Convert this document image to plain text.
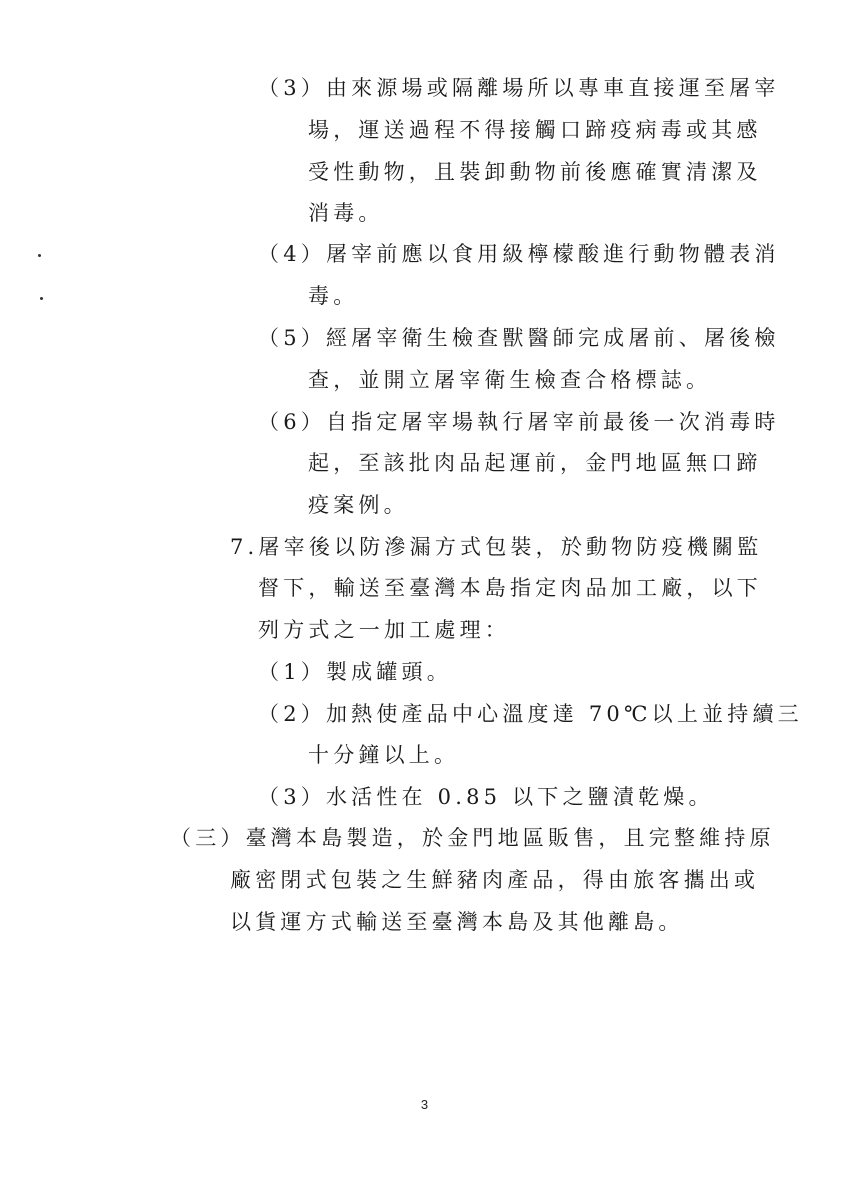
（3）由來源場或隔離場所以專車直接運至屠宰
場，運送過程不得接觸口蹄疫病毒或其感
受性動物，且裝卸動物前後應確實清潔及
消毒。
（4）屠宰前應以食用級檸檬酸進行動物體表消
毒。
（5）經屠宰衛生檢查獸醫師完成屠前、屠後檢
查，並開立屠宰衛生檢查合格標誌。
（6）自指定屠宰場執行屠宰前最後一次消毒時
起，至該批肉品起運前，金門地區無口蹄
疫案例。
7.屠宰後以防滲漏方式包裝，於動物防疫機關監
督下，輸送至臺灣本島指定肉品加工廠，以下
列方式之一加工處理：
（1）製成罐頭。
（2）加熱使產品中心溫度達 70℃以上並持續三
十分鐘以上。
（3）水活性在 0.85 以下之鹽漬乾燥。
（三）臺灣本島製造，於金門地區販售，且完整維持原
廠密閉式包裝之生鮮豬肉產品，得由旅客攜出或
以貨運方式輸送至臺灣本島及其他離島。
3
